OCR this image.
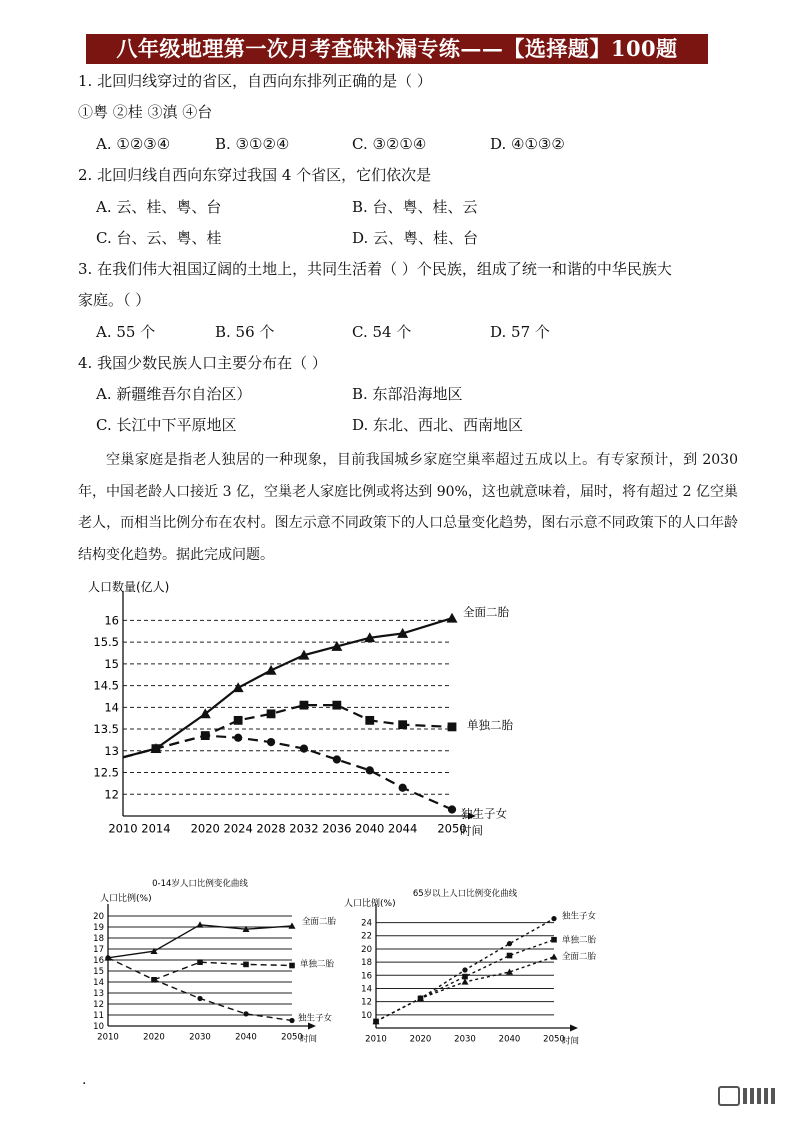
八年级地理第一次月考查缺补漏专练——【选择题】100题
1. 北回归线穿过的省区，自西向东排列正确的是（ ）
①粤 ②桂 ③滇 ④台
A. ①②③④	B. ③①②④	C. ③②①④	D. ④①③②
2. 北回归线自西向东穿过我国 4 个省区，它们依次是
A. 云、桂、粤、台	B. 台、粤、桂、云
C. 台、云、粤、桂	D. 云、粤、桂、台
3. 在我们伟大祖国辽阔的土地上，共同生活着（ ）个民族，组成了统一和谐的中华民族大
家庭。（ ）
A. 55 个	B. 56 个	C. 54 个	D. 57 个
4. 我国少数民族人口主要分布在（ ）
A. 新疆维吾尔自治区）	B. 东部沿海地区
C. 长江中下平原地区	D. 东北、西北、西南地区
空巢家庭是指老人独居的一种现象，目前我国城乡家庭空巢率超过五成以上。有专家预计，到 2030 年，中国老龄人口接近 3 亿，空巢老人家庭比例或将达到 90%，这也就意味着，届时，将有超过 2 亿空巢老人，而相当比例分布在农村。图左示意不同政策下的人口总量变化趋势，图右示意不同政策下的人口年龄结构变化趋势。据此完成问题。
人口数量(亿人)
12
12.5
13
13.5
14
14.5
15
15.5
16
2010 2014 2020 2024 2028 2032 2036 2040 2044 2050
时间
全面二胎
单独二胎
独生子女
0-14岁人口比例变化曲线
人口比例(%)
10
11
12
13
14
15
16
17
18
19
20
2010	2020	2030	2040	2050
时间
全面二胎
单独二胎
独生子女
65岁以上人口比例变化曲线
人口比例(%)
10
12
14
16
18
20
22
24
2010	2020	2030	2040	2050
时间
独生子女
单独二胎
全面二胎
.
